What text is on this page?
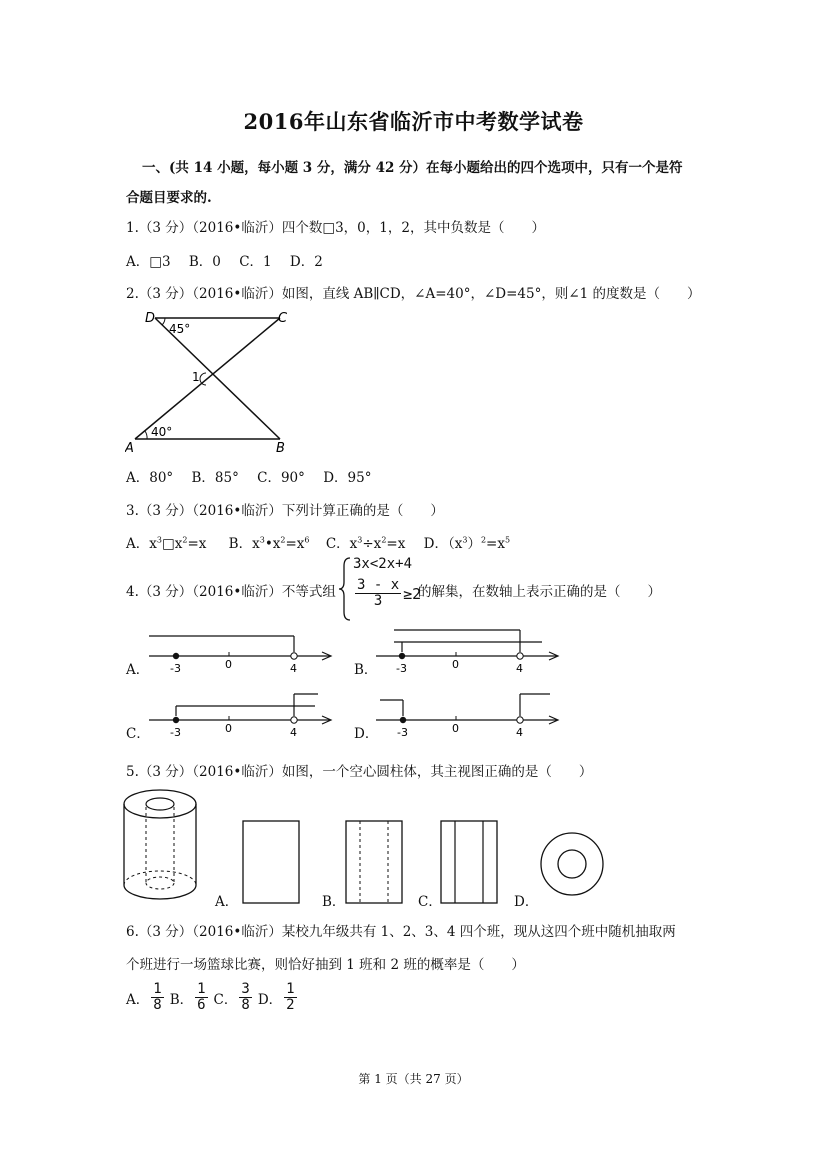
2016年山东省临沂市中考数学试卷
一、(共 14 小题，每小题 3 分，满分 42 分）在每小题给出的四个选项中，只有一个是符
合题目要求的.
1.（3 分）（2016•临沂）四个数□3，0，1，2，其中负数是（　　）
A．□3 B．0 C．1 D．2
2.（3 分）（2016•临沂）如图，直线 AB∥CD，∠A=40°，∠D=45°，则∠1 的度数是（　　）
D	C
A	B
45°
40°
1
A．80° B．85° C．90° D．95°
3.（3 分）（2016•临沂）下列计算正确的是（　　）
A．$x^3□x^2=x$ B．$x^3•x^2=x^6$ C．$x^3\div x^2=x$ D．$(x^3)^2=x^5$
4.（3 分）（2016•临沂）不等式组
3x<2x+4
$\frac{3 - x}{3} \ge 2$
的解集，在数轴上表示正确的是（　　）
A． -3	0	4	B． -3	0	4
C． -3	0	4	D． -3	0	4
5.（3 分）（2016•临沂）如图，一个空心圆柱体，其主视图正确的是（　　）
A．	B．	C．	D．
6.（3 分）（2016•临沂）某校九年级共有 1、2、3、4 四个班，现从这四个班中随机抽取两
个班进行一场篮球比赛，则恰好抽到 1 班和 2 班的概率是（　　）
A． $\frac{1}{8}$ B． $\frac{1}{6}$ C． $\frac{3}{8}$ D． $\frac{1}{2}$
第 1 页（共 27 页）
